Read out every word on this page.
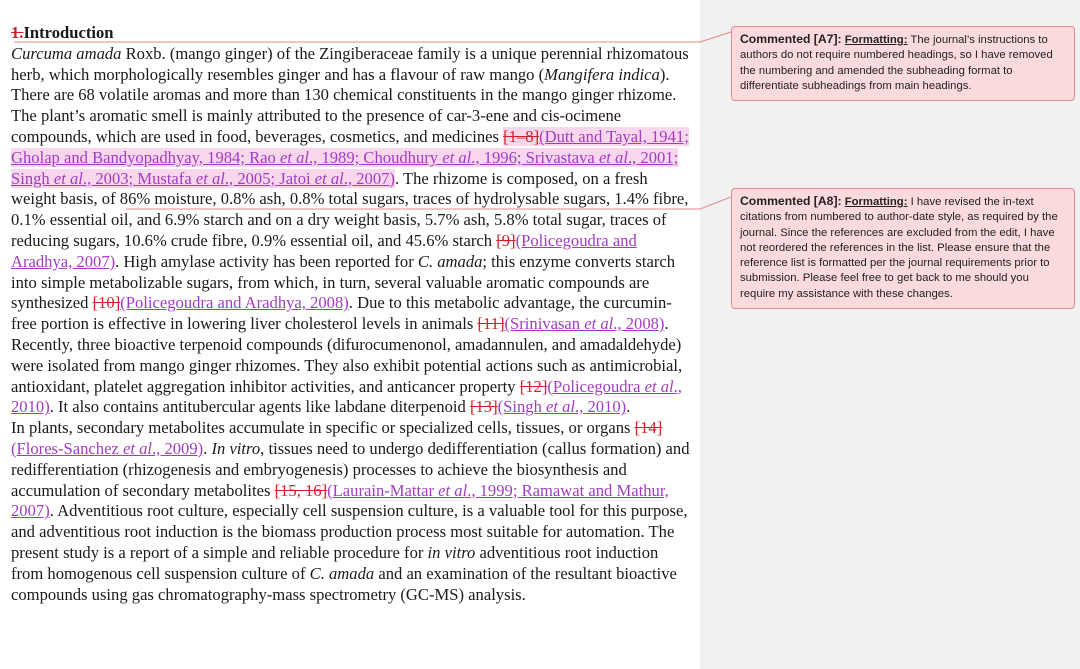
1.Introduction

Curcuma amada Roxb. (mango ginger) of the Zingiberaceae family is a unique perennial rhizomatous herb, which morphologically resembles ginger and has a flavour of raw mango (Mangifera indica). There are 68 volatile aromas and more than 130 chemical constituents in the mango ginger rhizome. The plant’s aromatic smell is mainly attributed to the presence of car-3-ene and cis-ocimene compounds, which are used in food, beverages, cosmetics, and medicines [1–8](Dutt and Tayal, 1941; Gholap and Bandyopadhyay, 1984; Rao et al., 1989; Choudhury et al., 1996; Srivastava et al., 2001; Singh et al., 2003; Mustafa et al., 2005; Jatoi et al., 2007). The rhizome is composed, on a fresh weight basis, of 86% moisture, 0.8% ash, 0.8% total sugars, traces of hydrolysable sugars, 1.4% fibre, 0.1% essential oil, and 6.9% starch and on a dry weight basis, 5.7% ash, 5.8% total sugar, traces of reducing sugars, 10.6% crude fibre, 0.9% essential oil, and 45.6% starch [9](Policegoudra and Aradhya, 2007). High amylase activity has been reported for C. amada; this enzyme converts starch into simple metabolizable sugars, from which, in turn, several valuable aromatic compounds are synthesized [10](Policegoudra and Aradhya, 2008). Due to this metabolic advantage, the curcumin-free portion is effective in lowering liver cholesterol levels in animals [11](Srinivasan et al., 2008). Recently, three bioactive terpenoid compounds (difurocumenonol, amadannulen, and amadaldehyde) were isolated from mango ginger rhizomes. They also exhibit potential actions such as antimicrobial, antioxidant, platelet aggregation inhibitor activities, and anticancer property [12](Policegoudra et al., 2010). It also contains antitubercular agents like labdane diterpenoid [13](Singh et al., 2010).

In plants, secondary metabolites accumulate in specific or specialized cells, tissues, or organs [14](Flores-Sanchez et al., 2009). In vitro, tissues need to undergo dedifferentiation (callus formation) and redifferentiation (rhizogenesis and embryogenesis) processes to achieve the biosynthesis and accumulation of secondary metabolites [15, 16](Laurain-Mattar et al., 1999; Ramawat and Mathur, 2007). Adventitious root culture, especially cell suspension culture, is a valuable tool for this purpose, and adventitious root induction is the biomass production process most suitable for automation. The present study is a report of a simple and reliable procedure for in vitro adventitious root induction from homogenous cell suspension culture of C. amada and an examination of the resultant bioactive compounds using gas chromatography-mass spectrometry (GC-MS) analysis.

Commented [A7]: Formatting: The journal’s instructions to authors do not require numbered headings, so I have removed the numbering and amended the subheading format to differentiate subheadings from main headings.
Commented [A8]: Formatting: I have revised the in-text citations from numbered to author-date style, as required by the journal. Since the references are excluded from the edit, I have not reordered the references in the list. Please ensure that the reference list is formatted per the journal requirements prior to submission. Please feel free to get back to me should you require my assistance with these changes.
